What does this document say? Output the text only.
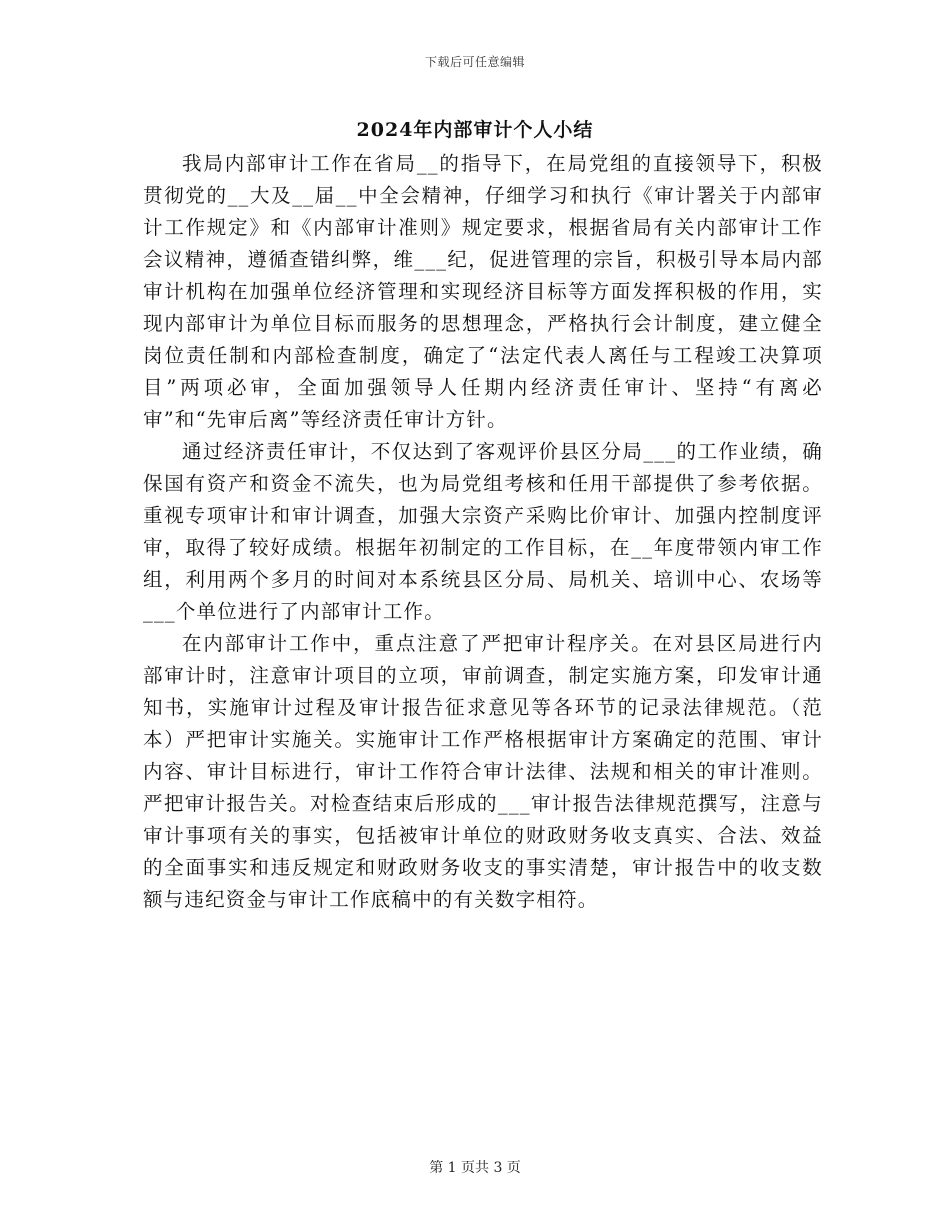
下载后可任意编辑
2024年内部审计个人小结

我局内部审计工作在省局__的指导下，在局党组的直接领导下，积极贯彻党的__大及__届__中全会精神，仔细学习和执行《审计署关于内部审计工作规定》和《内部审计准则》规定要求，根据省局有关内部审计工作会议精神，遵循查错纠弊，维___纪，促进管理的宗旨，积极引导本局内部审计机构在加强单位经济管理和实现经济目标等方面发挥积极的作用，实现内部审计为单位目标而服务的思想理念，严格执行会计制度，建立健全岗位责任制和内部检查制度，确定了“法定代表人离任与工程竣工决算项目”两项必审，全面加强领导人任期内经济责任审计、坚持“有离必审”和“先审后离”等经济责任审计方针。

通过经济责任审计，不仅达到了客观评价县区分局___的工作业绩，确保国有资产和资金不流失，也为局党组考核和任用干部提供了参考依据。重视专项审计和审计调查，加强大宗资产采购比价审计、加强内控制度评审，取得了较好成绩。根据年初制定的工作目标，在__年度带领内审工作组，利用两个多月的时间对本系统县区分局、局机关、培训中心、农场等___个单位进行了内部审计工作。

在内部审计工作中，重点注意了严把审计程序关。在对县区局进行内部审计时，注意审计项目的立项，审前调查，制定实施方案，印发审计通知书，实施审计过程及审计报告征求意见等各环节的记录法律规范。（范本）严把审计实施关。实施审计工作严格根据审计方案确定的范围、审计内容、审计目标进行，审计工作符合审计法律、法规和相关的审计准则。严把审计报告关。对检查结束后形成的___审计报告法律规范撰写，注意与审计事项有关的事实，包括被审计单位的财政财务收支真实、合法、效益的全面事实和违反规定和财政财务收支的事实清楚，审计报告中的收支数额与违纪资金与审计工作底稿中的有关数字相符。

第 1 页共 3 页
